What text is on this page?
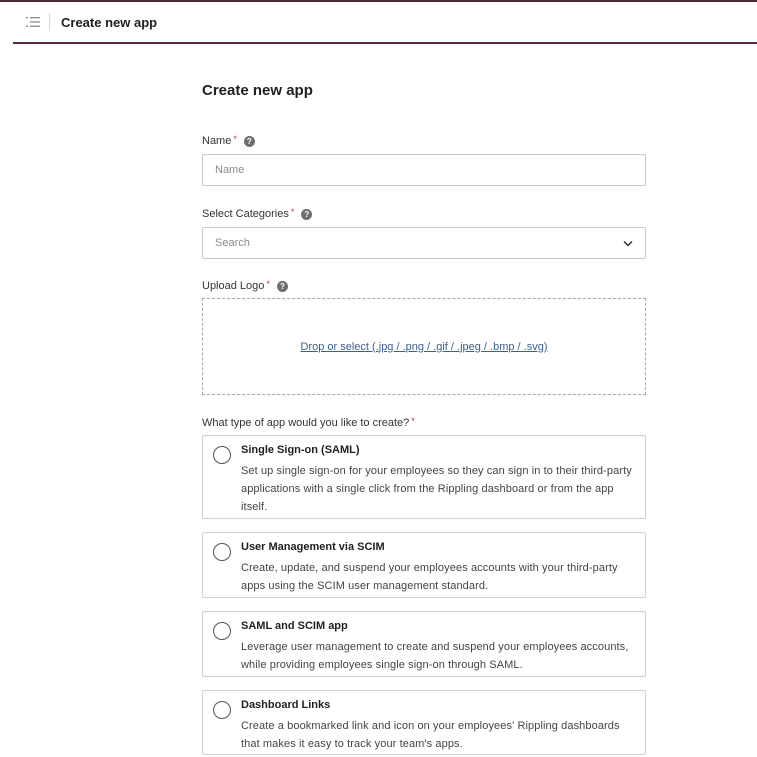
Create new app
Create new app
Name *	?
Name
Select Categories *	?
Search
Upload Logo *	?
Drop or select (.jpg / .png / .gif / .jpeg / .bmp / .svg)
What type of app would you like to create? *
Single Sign-on (SAML)
Set up single sign-on for your employees so they can sign in to their third-party applications with a single click from the Rippling dashboard or from the app itself.
User Management via SCIM
Create, update, and suspend your employees accounts with your third-party apps using the SCIM user management standard.
SAML and SCIM app
Leverage user management to create and suspend your employees accounts, while providing employees single sign-on through SAML.
Dashboard Links
Create a bookmarked link and icon on your employees' Rippling dashboards that makes it easy to track your team's apps.
